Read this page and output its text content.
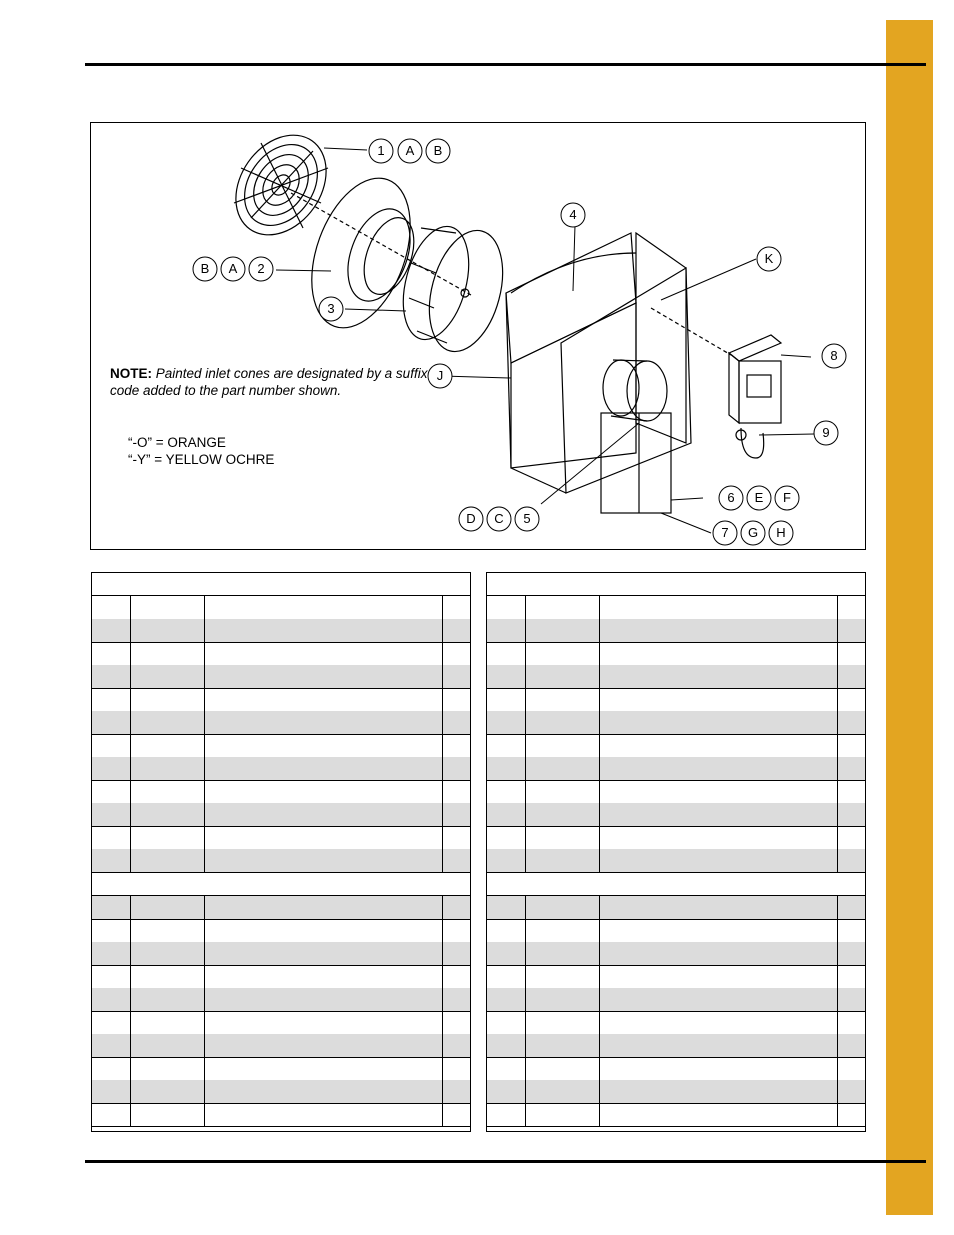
1 A B
B A 2
3
4
K
8
J
9
6 E F
D C 5
7 G H
NOTE: Painted inlet cones are designated by a suffix code added to the part number shown.
“-O” = ORANGE
“-Y” = YELLOW OCHRE
